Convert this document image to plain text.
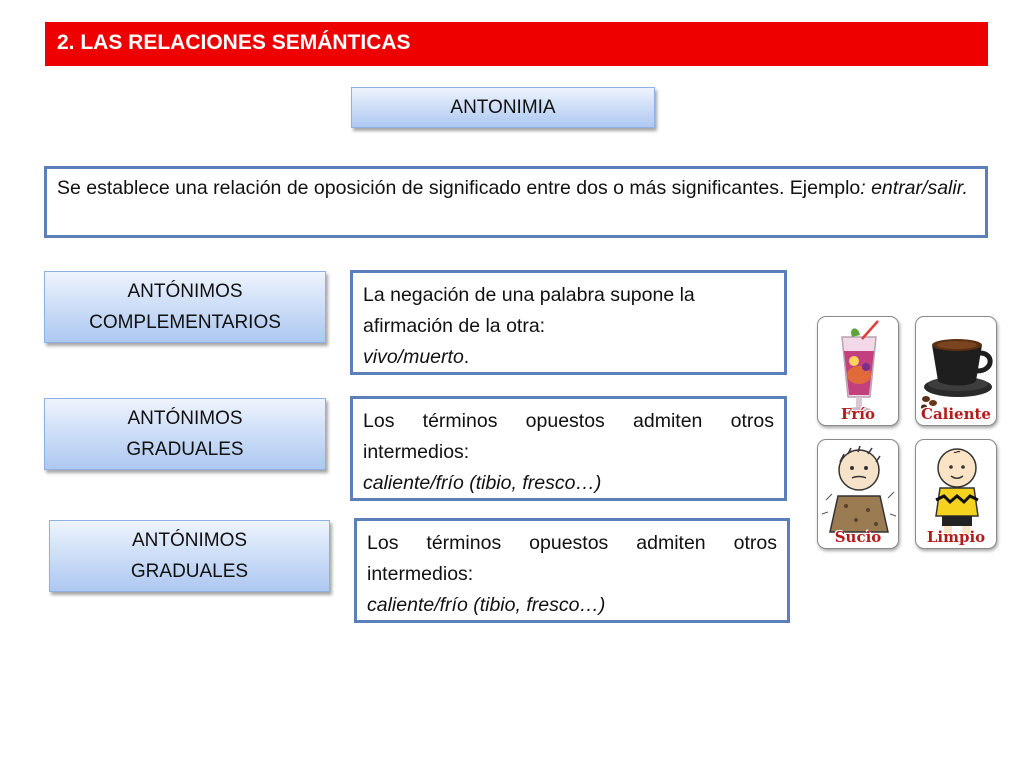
2. LAS RELACIONES SEMÁNTICAS
ANTONIMIA
Se establece una relación de oposición de significado entre dos o más significantes. Ejemplo: entrar/salir.
ANTÓNIMOS
COMPLEMENTARIOS
La negación de una palabra supone la afirmación de la otra:
vivo/muerto.
ANTÓNIMOS
GRADUALES
Los términos opuestos admiten otros intermedios:
caliente/frío (tibio, fresco…)
ANTÓNIMOS
GRADUALES
Los términos opuestos admiten otros intermedios:
caliente/frío (tibio, fresco…)
Frío	Caliente
Sucio	Limpio
